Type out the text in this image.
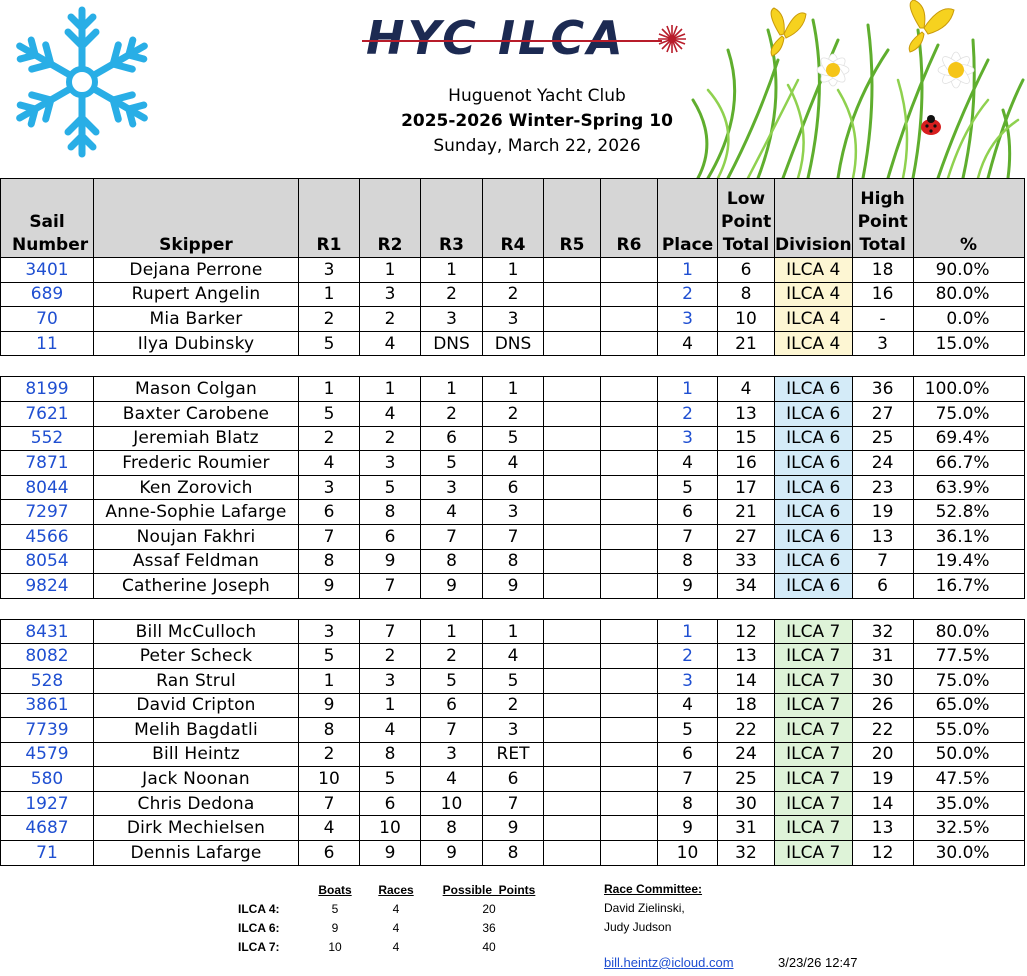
HYC ILCA
Huguenot Yacht Club
2025-2026 Winter-Spring 10
Sunday, March 22, 2026
Sail Number	Skipper	R1	R2	R3	R4	R5	R6	Place	Low Point Total	Division	High Point Total	%
3401	Dejana Perrone	3	1	1	1			1	6	ILCA 4	18	90.0%
689	Rupert Angelin	1	3	2	2			2	8	ILCA 4	16	80.0%
70	Mia Barker	2	2	3	3			3	10	ILCA 4	-	0.0%
11	Ilya Dubinsky	5	4	DNS	DNS			4	21	ILCA 4	3	15.0%

8199	Mason Colgan	1	1	1	1			1	4	ILCA 6	36	100.0%
7621	Baxter Carobene	5	4	2	2			2	13	ILCA 6	27	75.0%
552	Jeremiah Blatz	2	2	6	5			3	15	ILCA 6	25	69.4%
7871	Frederic Roumier	4	3	5	4			4	16	ILCA 6	24	66.7%
8044	Ken Zorovich	3	5	3	6			5	17	ILCA 6	23	63.9%
7297	Anne-Sophie Lafarge	6	8	4	3			6	21	ILCA 6	19	52.8%
4566	Noujan Fakhri	7	6	7	7			7	27	ILCA 6	13	36.1%
8054	Assaf Feldman	8	9	8	8			8	33	ILCA 6	7	19.4%
9824	Catherine Joseph	9	7	9	9			9	34	ILCA 6	6	16.7%

8431	Bill McCulloch	3	7	1	1			1	12	ILCA 7	32	80.0%
8082	Peter Scheck	5	2	2	4			2	13	ILCA 7	31	77.5%
528	Ran Strul	1	3	5	5			3	14	ILCA 7	30	75.0%
3861	David Cripton	9	1	6	2			4	18	ILCA 7	26	65.0%
7739	Melih Bagdatli	8	4	7	3			5	22	ILCA 7	22	55.0%
4579	Bill Heintz	2	8	3	RET			6	24	ILCA 7	20	50.0%
580	Jack Noonan	10	5	4	6			7	25	ILCA 7	19	47.5%
1927	Chris Dedona	7	6	10	7			8	30	ILCA 7	14	35.0%
4687	Dirk Mechielsen	4	10	8	9			9	31	ILCA 7	13	32.5%
71	Dennis Lafarge	6	9	9	8			10	32	ILCA 7	12	30.0%
	Boats	Races	Possible  Points
ILCA 4:	5	4	20
ILCA 6:	9	4	36
ILCA 7:	10	4	40
Race Committee:
David Zielinski,
Judy Judson
bill.heintz@icloud.com	3/23/26 12:47
